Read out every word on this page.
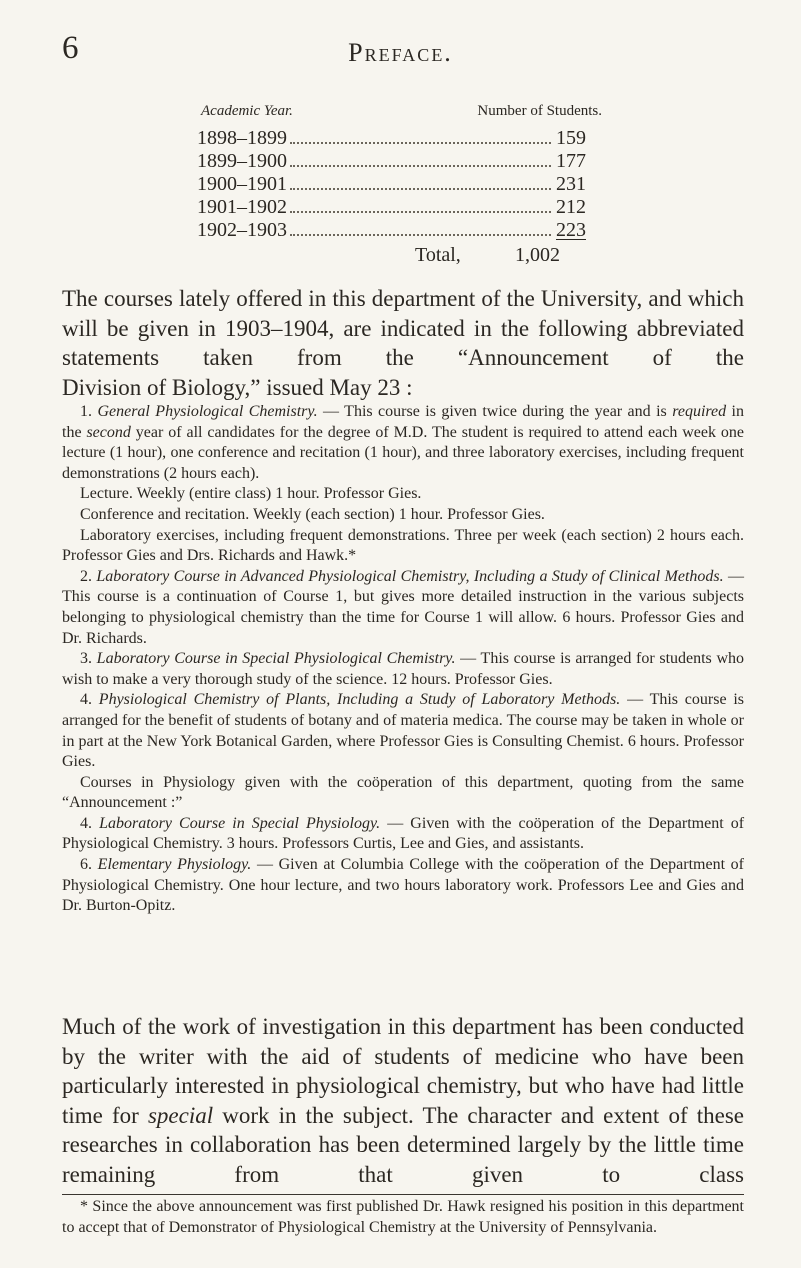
6	Preface.
Academic Year.	Number of Students.
1898–1899	159
1899–1900	177
1900–1901	231
1901–1902	212
1902–1903	223
Total,	1,002

The courses lately offered in this department of the University, and which will be given in 1903–1904, are indicated in the following abbreviated statements taken from the “Announcement of the
Division of Biology,” issued May 23 :

1. General Physiological Chemistry. — This course is given twice during the year and is required in the second year of all candidates for the degree of M.D. The student is required to attend each week one lecture (1 hour), one conference and recitation (1 hour), and three laboratory exercises, including frequent demonstrations (2 hours each).

Lecture. Weekly (entire class) 1 hour. Professor Gies.

Conference and recitation. Weekly (each section) 1 hour. Professor Gies.

Laboratory exercises, including frequent demonstrations. Three per week (each section) 2 hours each. Professor Gies and Drs. Richards and Hawk.*

2. Laboratory Course in Advanced Physiological Chemistry, Including a Study of Clinical Methods. — This course is a continuation of Course 1, but gives more detailed instruction in the various subjects belonging to physiological chemistry than the time for Course 1 will allow. 6 hours. Professor Gies and Dr. Richards.

3. Laboratory Course in Special Physiological Chemistry. — This course is arranged for students who wish to make a very thorough study of the science. 12 hours. Professor Gies.

4. Physiological Chemistry of Plants, Including a Study of Laboratory Methods. — This course is arranged for the benefit of students of botany and of materia medica. The course may be taken in whole or in part at the New York Botanical Garden, where Professor Gies is Consulting Chemist. 6 hours. Professor Gies.

Courses in Physiology given with the coöperation of this department, quoting from the same “Announcement :”

4. Laboratory Course in Special Physiology. — Given with the coöperation of the Department of Physiological Chemistry. 3 hours. Professors Curtis, Lee and Gies, and assistants.

6. Elementary Physiology. — Given at Columbia College with the coöperation of the Department of Physiological Chemistry. One hour lecture, and two hours laboratory work. Professors Lee and Gies and Dr. Burton-Opitz.

Much of the work of investigation in this department has been conducted by the writer with the aid of students of medicine who have been particularly interested in physiological chemistry, but who have had little time for special work in the subject. The character and extent of these researches in collaboration has been determined largely by the little time remaining from that given to class

* Since the above announcement was first published Dr. Hawk resigned his position in this department to accept that of Demonstrator of Physiological Chemistry at the University of Pennsylvania.
